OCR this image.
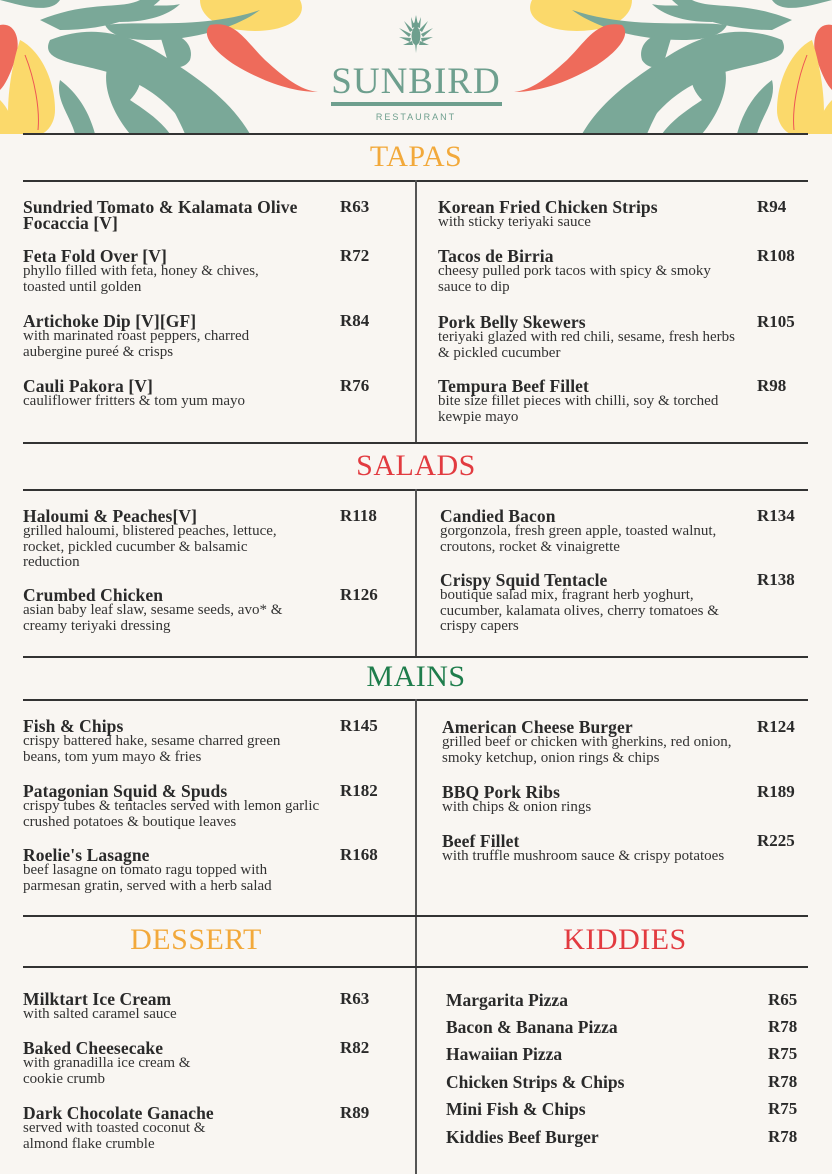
SUNBIRD
RESTAURANT
TAPAS
SALADS
MAINS
DESSERT	KIDDIES
Sundried Tomato & Kalamata Olive
Focaccia [V]
R63
Feta Fold Over [V]
phyllo filled with feta, honey & chives,
toasted until golden
R72
Artichoke Dip [V][GF]
with marinated roast peppers, charred
aubergine pureé & crisps
R84
Cauli Pakora [V]
cauliflower fritters & tom yum mayo
R76
Korean Fried Chicken Strips
with sticky teriyaki sauce
R94
Tacos de Birria
cheesy pulled pork tacos with spicy & smoky
sauce to dip
R108
Pork Belly Skewers
teriyaki glazed with red chili, sesame, fresh herbs
& pickled cucumber
R105
Tempura Beef Fillet
bite size fillet pieces with chilli, soy & torched
kewpie mayo
R98
Haloumi & Peaches[V]
grilled haloumi, blistered peaches, lettuce,
rocket, pickled cucumber & balsamic
reduction
R118
Crumbed Chicken
asian baby leaf slaw, sesame seeds, avo* &
creamy teriyaki dressing
R126
Candied Bacon
gorgonzola, fresh green apple, toasted walnut,
croutons, rocket & vinaigrette
R134
Crispy Squid Tentacle
boutique salad mix, fragrant herb yoghurt,
cucumber, kalamata olives, cherry tomatoes &
crispy capers
R138
Fish & Chips
crispy battered hake, sesame charred green
beans, tom yum mayo & fries
R145
Patagonian Squid & Spuds
crispy tubes & tentacles served with lemon garlic
crushed potatoes & boutique leaves
R182
Roelie's Lasagne
beef lasagne on tomato ragu topped with
parmesan gratin, served with a herb salad
R168
American Cheese Burger
grilled beef or chicken with gherkins, red onion,
smoky ketchup, onion rings & chips
R124
BBQ Pork Ribs
with chips & onion rings
R189
Beef Fillet
with truffle mushroom sauce & crispy potatoes
R225
Milktart Ice Cream
with salted caramel sauce
R63
Baked Cheesecake
with granadilla ice cream &
cookie crumb
R82
Dark Chocolate Ganache
served with toasted coconut &
almond flake crumble
R89
Margarita Pizza	R65
Bacon & Banana Pizza	R78
Hawaiian Pizza	R75
Chicken Strips & Chips	R78
Mini Fish & Chips	R75
Kiddies Beef Burger	R78
